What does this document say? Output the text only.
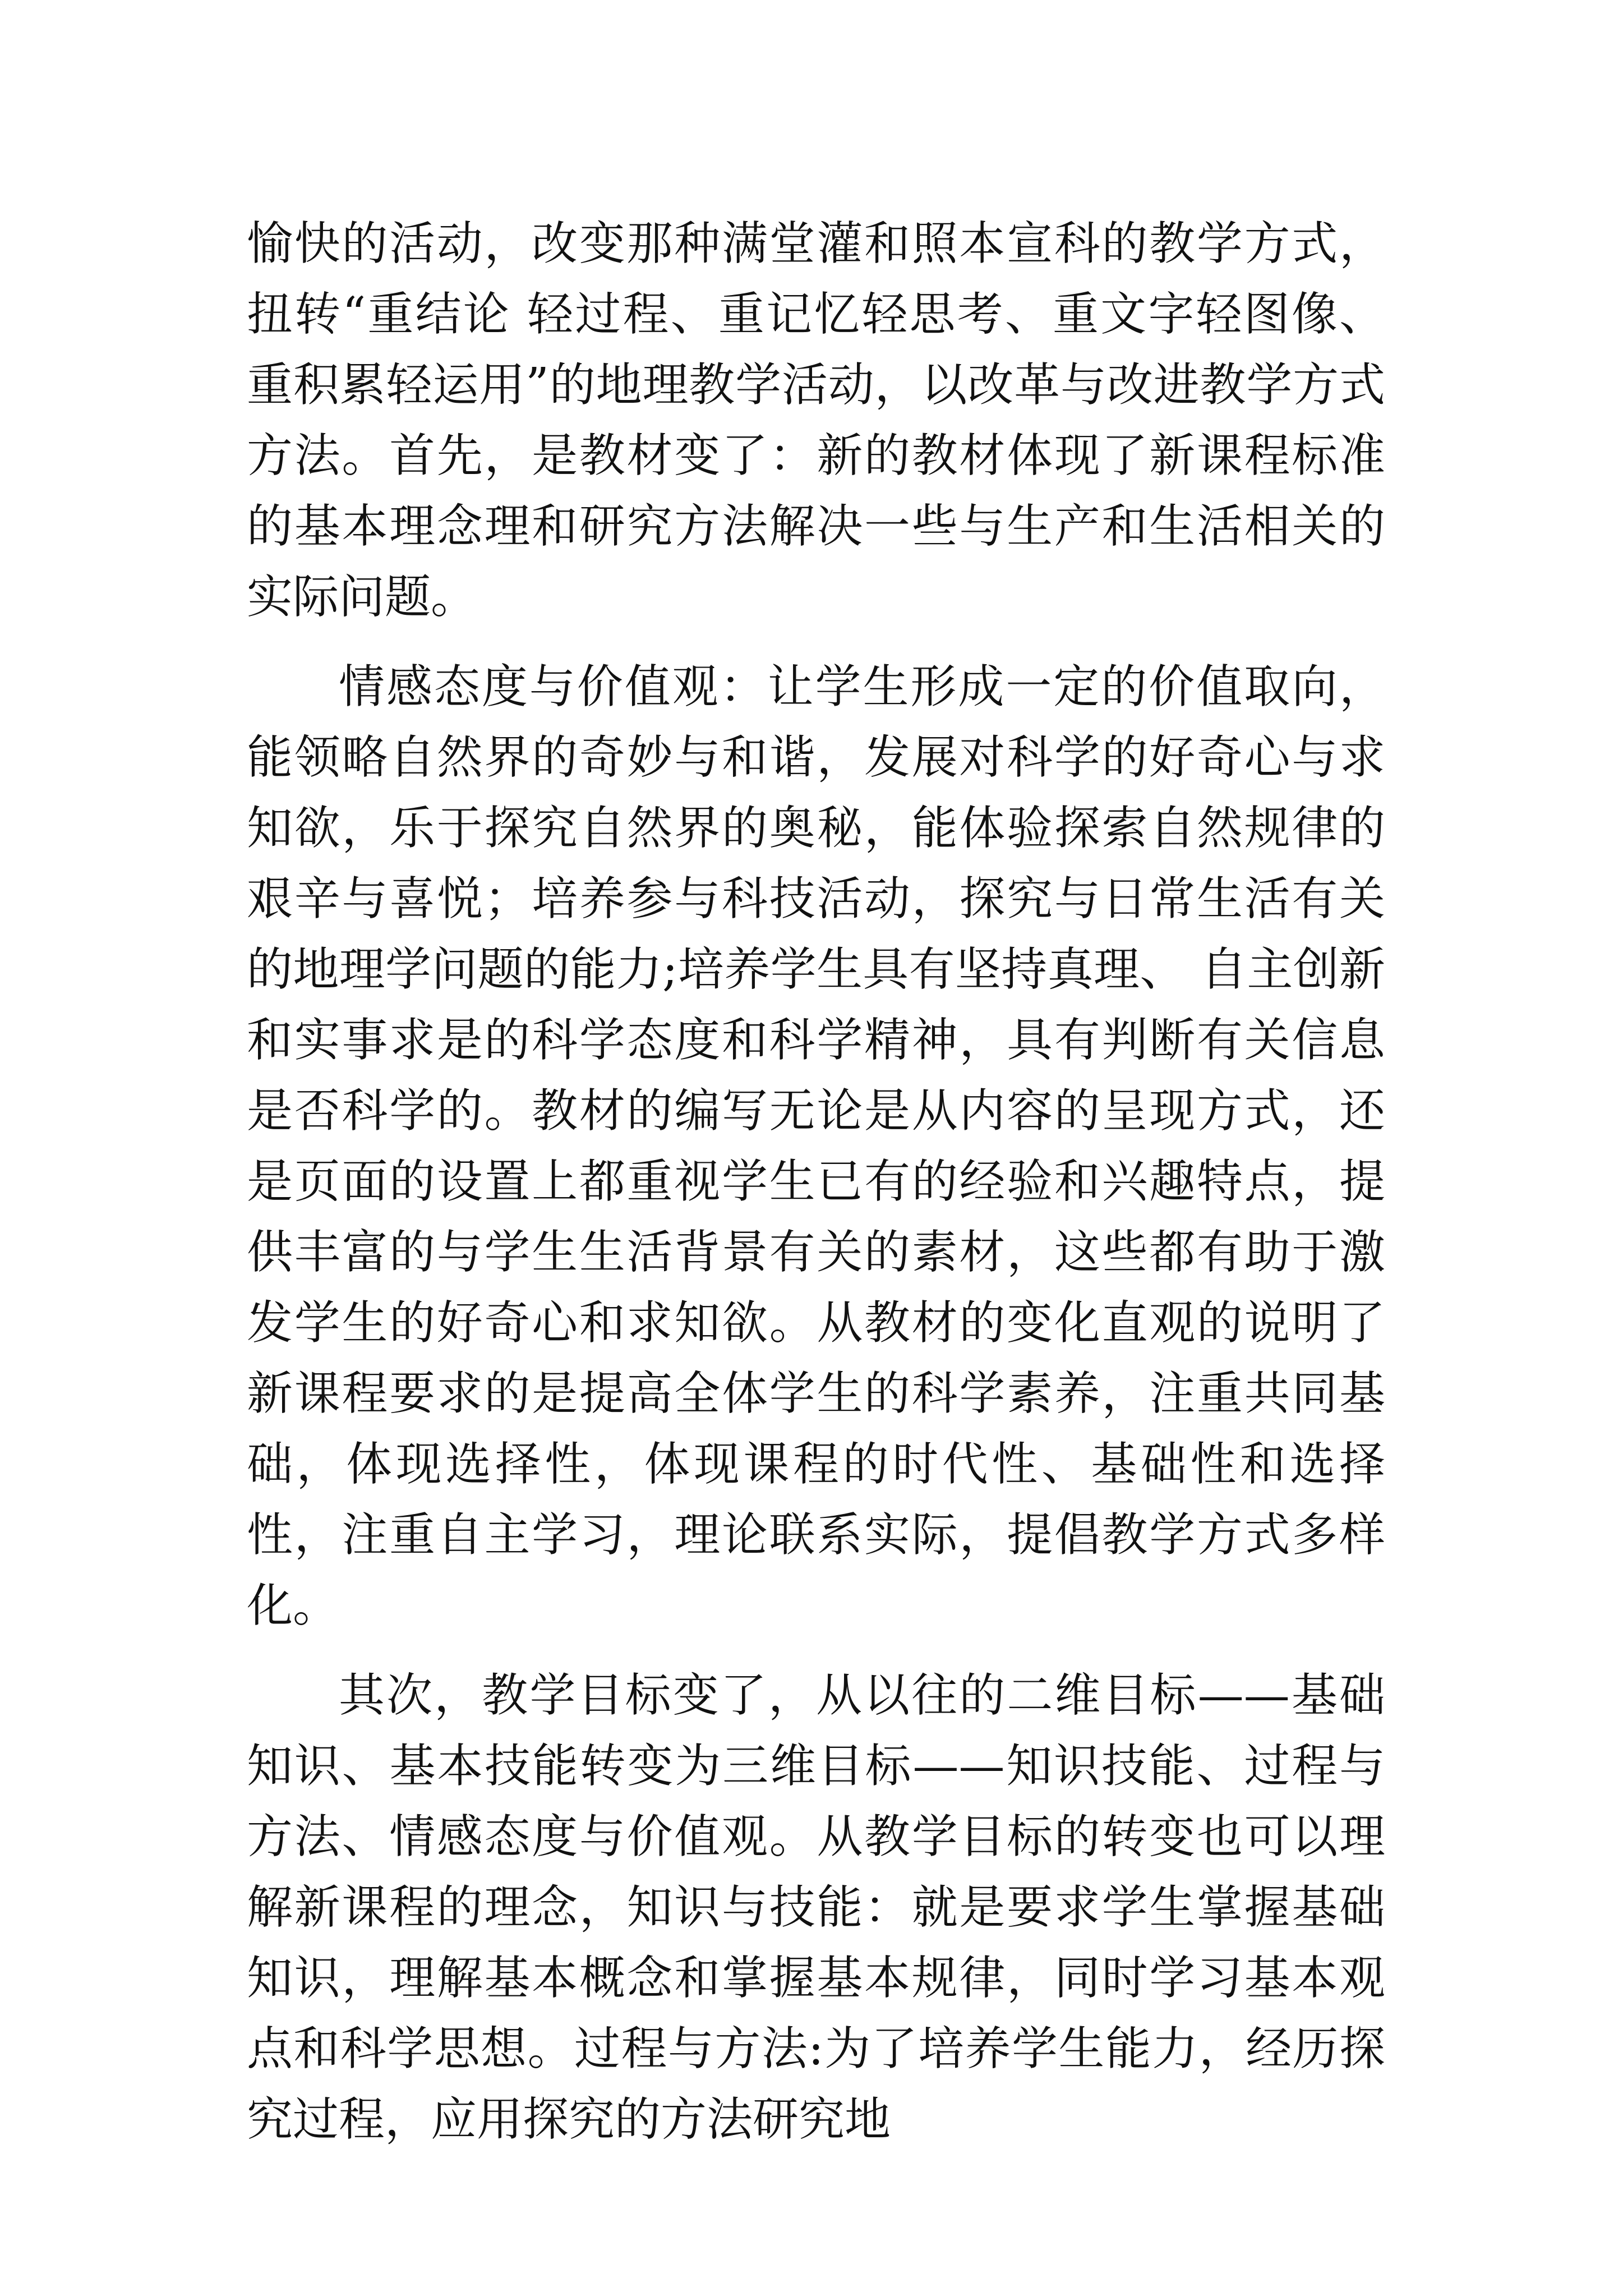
愉快的活动，改变那种满堂灌和照本宣科的教学方式，扭转“重结论 轻过程、重记忆轻思考、重文字轻图像、重积累轻运用”的地理教学活动，以改革与改进教学方式方法。首先，是教材变了：新的教材体现了新课程标准的基本理念理和研究方法解决一些与生产和生活相关的实际问题。

情感态度与价值观：让学生形成一定的价值取向，能领略自然界的奇妙与和谐，发展对科学的好奇心与求知欲，乐于探究自然界的奥秘，能体验探索自然规律的艰辛与喜悦；培养参与科技活动，探究与日常生活有关的地理学问题的能力;培养学生具有坚持真理、 自主创新和实事求是的科学态度和科学精神，具有判断有关信息是否科学的。教材的编写无论是从内容的呈现方式，还是页面的设置上都重视学生已有的经验和兴趣特点，提供丰富的与学生生活背景有关的素材，这些都有助于激发学生的好奇心和求知欲。从教材的变化直观的说明了新课程要求的是提高全体学生的科学素养，注重共同基础，体现选择性，体现课程的时代性、基础性和选择性，注重自主学习，理论联系实际，提倡教学方式多样化。

其次，教学目标变了，从以往的二维目标——基础知识、基本技能转变为三维目标——知识技能、过程与方法、情感态度与价值观。从教学目标的转变也可以理解新课程的理念，知识与技能：就是要求学生掌握基础知识，理解基本概念和掌握基本规律，同时学习基本观点和科学思想。过程与方法:为了培养学生能力，经历探究过程，应用探究的方法研究地
